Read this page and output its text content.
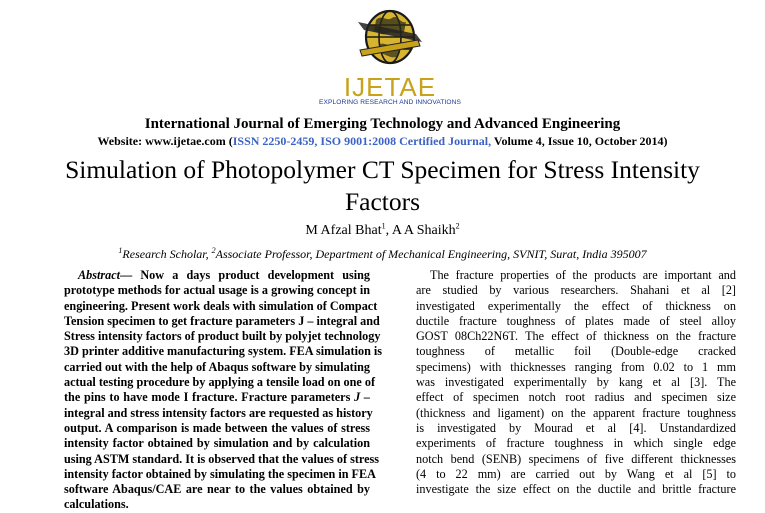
IJETAE
EXPLORING RESEARCH AND INNOVATIONS
International Journal of Emerging Technology and Advanced Engineering
Website: www.ijetae.com (ISSN 2250-2459, ISO 9001:2008 Certified Journal, Volume 4, Issue 10, October 2014)
Simulation of Photopolymer CT Specimen for Stress Intensity Factors
M Afzal Bhat$^1$, A A Shaikh$^2$
$^1$Research Scholar, $^2$Associate Professor, Department of Mechanical Engineering, SVNIT, Surat, India 395007
Abstract— Now a days product development using
prototype methods for actual usage is a growing concept in
engineering. Present work deals with simulation of Compact
Tension specimen to get fracture parameters J – integral and
Stress intensity factors of product built by polyjet technology
3D printer additive manufacturing system. FEA simulation is
carried out with the help of Abaqus software by simulating
actual testing procedure by applying a tensile load on one of
the pins to have mode I fracture. Fracture parameters J –
integral and stress intensity factors are requested as history
output. A comparison is made between the values of stress
intensity factor obtained by simulation and by calculation
using ASTM standard. It is observed that the values of stress
intensity factor obtained by simulating the specimen in FEA
software Abaqus/CAE are near to the values obtained by
calculations.
The fracture properties of the products are important and
are studied by various researchers. Shahani et al [2]
investigated experimentally the effect of thickness on
ductile fracture toughness of plates made of steel alloy
GOST 08Ch22N6T. The effect of thickness on the fracture
toughness of metallic foil (Double-edge cracked
specimens) with thicknesses ranging from 0.02 to 1 mm
was investigated experimentally by kang et al [3]. The
effect of specimen notch root radius and specimen size
(thickness and ligament) on the apparent fracture toughness
is investigated by Mourad et al [4]. Unstandardized
experiments of fracture toughness in which single edge
notch bend (SENB) specimens of five different thicknesses
(4 to 22 mm) are carried out by Wang et al [5] to
investigate the size effect on the ductile and brittle fracture
